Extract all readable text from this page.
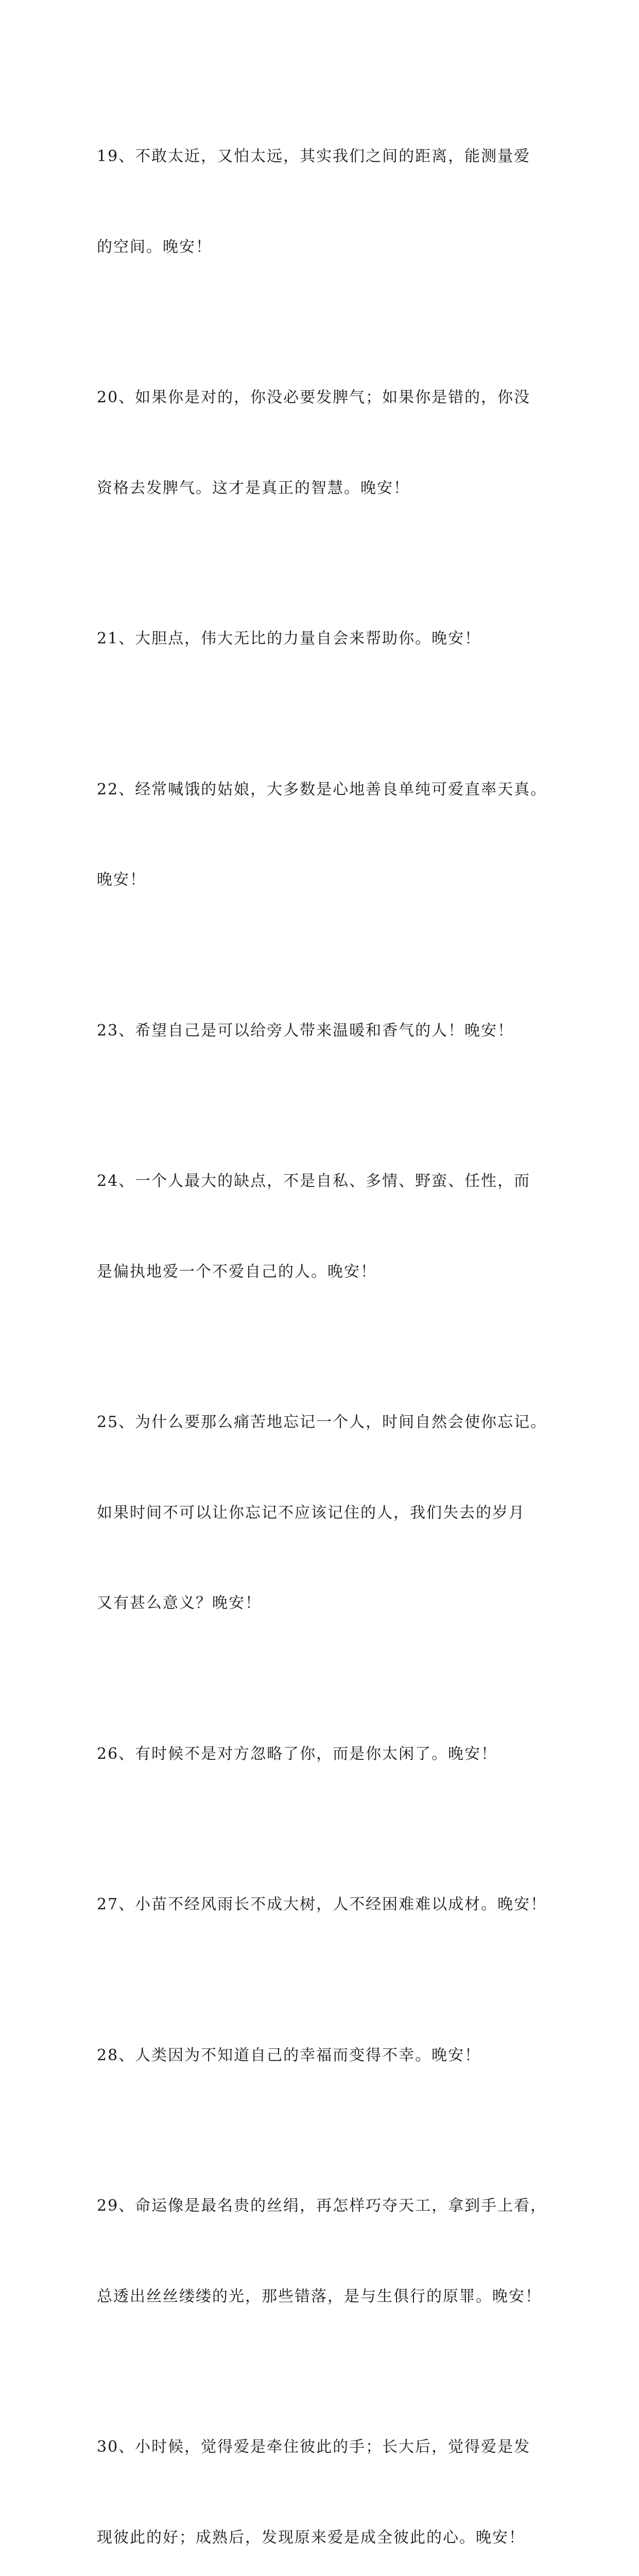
19、不敢太近，又怕太远，其实我们之间的距离，能测量爱

的空间。晚安！

20、如果你是对的，你没必要发脾气；如果你是错的，你没

资格去发脾气。这才是真正的智慧。晚安！

21、大胆点，伟大无比的力量自会来帮助你。晚安！

22、经常喊饿的姑娘，大多数是心地善良单纯可爱直率天真。

晚安！

23、希望自己是可以给旁人带来温暖和香气的人！晚安！

24、一个人最大的缺点，不是自私、多情、野蛮、任性，而

是偏执地爱一个不爱自己的人。晚安！

25、为什么要那么痛苦地忘记一个人，时间自然会使你忘记。

如果时间不可以让你忘记不应该记住的人，我们失去的岁月

又有甚么意义？晚安！

26、有时候不是对方忽略了你，而是你太闲了。晚安！

27、小苗不经风雨长不成大树，人不经困难难以成材。晚安！

28、人类因为不知道自己的幸福而变得不幸。晚安！

29、命运像是最名贵的丝绢，再怎样巧夺天工，拿到手上看，

总透出丝丝缕缕的光，那些错落，是与生俱行的原罪。晚安！

30、小时候，觉得爱是牵住彼此的手；长大后，觉得爱是发

现彼此的好；成熟后，发现原来爱是成全彼此的心。晚安！
